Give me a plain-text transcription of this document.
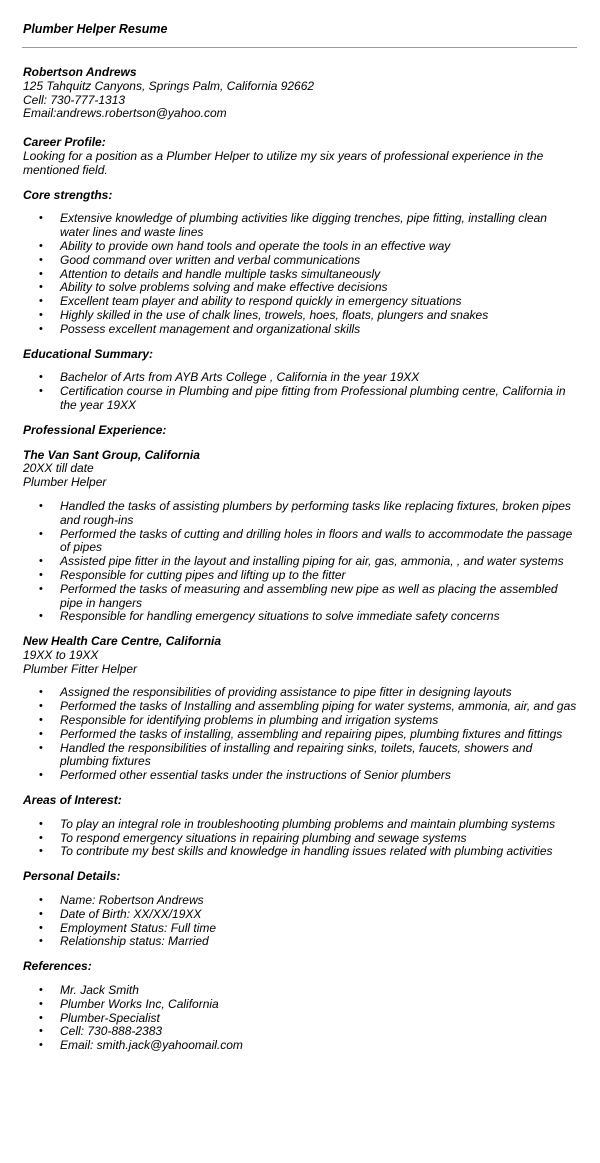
Plumber Helper Resume
Robertson Andrews
125 Tahquitz Canyons, Springs Palm, California 92662
Cell: 730-777-1313
Email:andrews.robertson@yahoo.com
Career Profile:
Looking for a position as a Plumber Helper to utilize my six years of professional experience in the mentioned field.
Core strengths:
• Extensive knowledge of plumbing activities like digging trenches, pipe fitting, installing clean water lines and waste lines
• Ability to provide own hand tools and operate the tools in an effective way
• Good command over written and verbal communications
• Attention to details and handle multiple tasks simultaneously
• Ability to solve problems solving and make effective decisions
• Excellent team player and ability to respond quickly in emergency situations
• Highly skilled in the use of chalk lines, trowels, hoes, floats, plungers and snakes
• Possess excellent management and organizational skills
Educational Summary:
• Bachelor of Arts from AYB Arts College , California in the year 19XX
• Certification course in Plumbing and pipe fitting from Professional plumbing centre, California in the year 19XX
Professional Experience:
The Van Sant Group, California
20XX till date
Plumber Helper
• Handled the tasks of assisting plumbers by performing tasks like replacing fixtures, broken pipes and rough-ins
• Performed the tasks of cutting and drilling holes in floors and walls to accommodate the passage of pipes
• Assisted pipe fitter in the layout and installing piping for air, gas, ammonia, , and water systems
• Responsible for cutting pipes and lifting up to the fitter
• Performed the tasks of measuring and assembling new pipe as well as placing the assembled pipe in hangers
• Responsible for handling emergency situations to solve immediate safety concerns
New Health Care Centre, California
19XX to 19XX
Plumber Fitter Helper
• Assigned the responsibilities of providing assistance to pipe fitter in designing layouts
• Performed the tasks of Installing and assembling piping for water systems, ammonia, air, and gas
• Responsible for identifying problems in plumbing and irrigation systems
• Performed the tasks of installing, assembling and repairing pipes, plumbing fixtures and fittings
• Handled the responsibilities of installing and repairing sinks, toilets, faucets, showers and plumbing fixtures
• Performed other essential tasks under the instructions of Senior plumbers
Areas of Interest:
• To play an integral role in troubleshooting plumbing problems and maintain plumbing systems
• To respond emergency situations in repairing plumbing and sewage systems
• To contribute my best skills and knowledge in handling issues related with plumbing activities
Personal Details:
• Name: Robertson Andrews
• Date of Birth: XX/XX/19XX
• Employment Status: Full time
• Relationship status: Married
References:
• Mr. Jack Smith
• Plumber Works Inc, California
• Plumber-Specialist
• Cell: 730-888-2383
• Email: smith.jack@yahoomail.com
